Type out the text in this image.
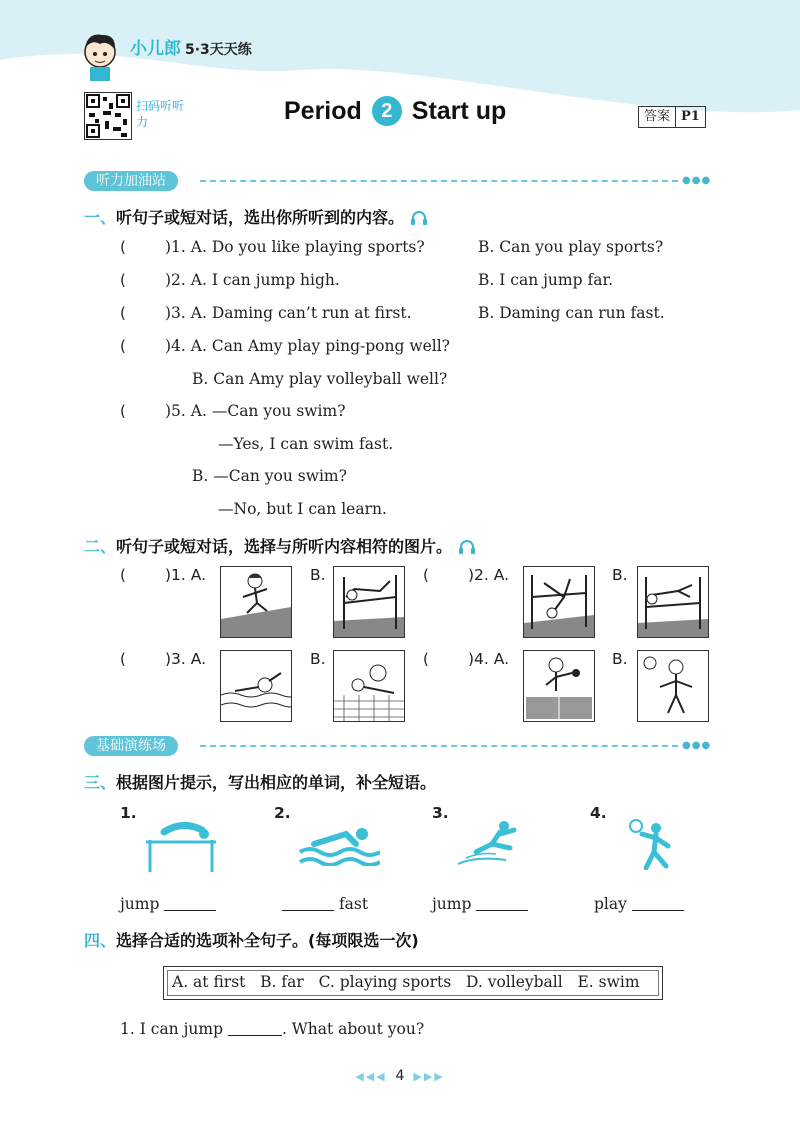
小儿郎 5·3天天练
扫码听听力	Period 2 Start up	答案 P1
听力加油站	●●●
一、听句子或短对话，选出你所听到的内容。
(	)1. A. Do you like playing sports?	B. Can you play sports?
(	)2. A. I can jump high.	B. I can jump far.
(	)3. A. Daming can’t run at first.	B. Daming can run fast.
(	)4. A. Can Amy play ping-pong well?
B. Can Amy play volleyball well?
(	)5. A. —Can you swim?
—Yes, I can swim fast.
B. —Can you swim?
—No, but I can learn.
二、听句子或短对话，选择与所听内容相符的图片。
(	)1. A.	B.	(	)2. A.	B.
(	)3. A.	B.	(	)4. A.	B.
基础演练场	●●●
三、根据图片提示，写出相应的单词，补全短语。
1.
jump
2.
fast
3.
jump
4.
play
四、选择合适的选项补全句子。(每项限选一次)
A. at first   B. far   C. playing sports   D. volleyball   E. swim
1. I can jump	. What about you?
◀◀◀ 4 ▶▶▶
